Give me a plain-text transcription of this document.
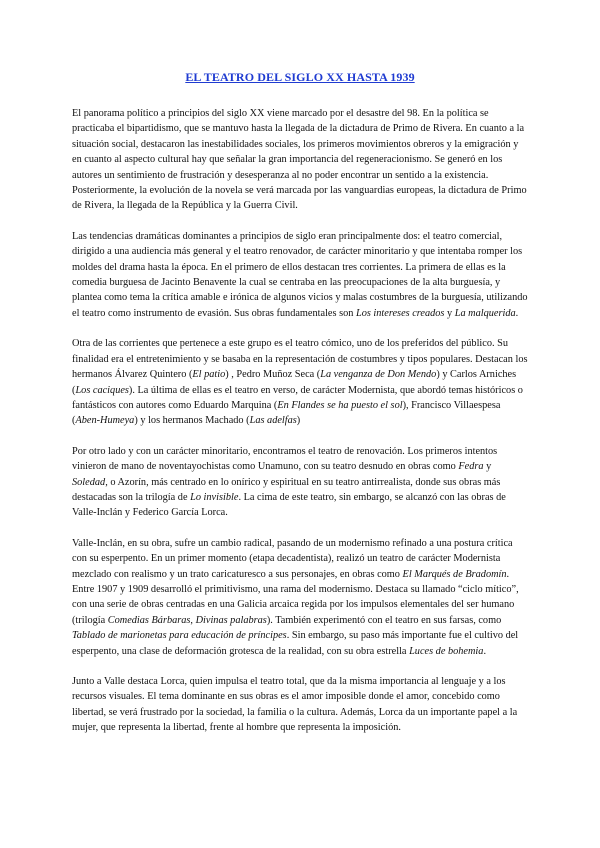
EL TEATRO DEL SIGLO XX HASTA 1939

El panorama político a principios del siglo XX viene marcado por el desastre del 98. En la política se practicaba el bipartidismo, que se mantuvo hasta la llegada de la dictadura de Primo de Rivera. En cuanto a la situación social, destacaron las inestabilidades sociales, los primeros movimientos obreros y la emigración y en cuanto al aspecto cultural hay que señalar la gran importancia del regeneracionismo. Se generó en los autores un sentimiento de frustración y desesperanza al no poder encontrar un sentido a la existencia. Posteriormente, la evolución de la novela se verá marcada por las vanguardias europeas, la dictadura de Primo de Rivera, la llegada de la República y la Guerra Civil.

Las tendencias dramáticas dominantes a principios de siglo eran principalmente dos: el teatro comercial, dirigido a una audiencia más general y el teatro renovador, de carácter minoritario y que intentaba romper los moldes del drama hasta la época. En el primero de ellos destacan tres corrientes. La primera de ellas es la comedia burguesa de Jacinto Benavente la cual se centraba en las preocupaciones de la alta burguesía, y plantea como tema la crítica amable e irónica de algunos vicios y malas costumbres de la burguesía, utilizando el teatro como instrumento de evasión. Sus obras fundamentales son Los intereses creados y La malquerida.

Otra de las corrientes que pertenece a este grupo es el teatro cómico, uno de los preferidos del público. Su finalidad era el entretenimiento y se basaba en la representación de costumbres y tipos populares. Destacan los hermanos Álvarez Quintero (El patio) , Pedro Muñoz Seca (La venganza de Don Mendo) y Carlos Arniches (Los caciques). La última de ellas es el teatro en verso, de carácter Modernista, que abordó temas históricos o fantásticos con autores como Eduardo Marquina (En Flandes se ha puesto el sol), Francisco Villaespesa (Aben-Humeya) y los hermanos Machado (Las adelfas)

Por otro lado y con un carácter minoritario, encontramos el teatro de renovación. Los primeros intentos vinieron de mano de noventayochistas como Unamuno, con su teatro desnudo en obras como Fedra y Soledad, o Azorín, más centrado en lo onírico y espiritual en su teatro antirrealista, donde sus obras más destacadas son la trilogía de Lo invisible. La cima de este teatro, sin embargo, se alcanzó con las obras de Valle-Inclán y Federico García Lorca.

Valle-Inclán, en su obra, sufre un cambio radical, pasando de un modernismo refinado a una postura crítica con su esperpento. En un primer momento (etapa decadentista), realizó un teatro de carácter Modernista mezclado con realismo y un trato caricaturesco a sus personajes, en obras como El Marqués de Bradomín. Entre 1907 y 1909 desarrolló el primitivismo, una rama del modernismo. Destaca su llamado “ciclo mítico”, con una serie de obras centradas en una Galicia arcaica regida por los impulsos elementales del ser humano (trilogía Comedias Bárbaras, Divinas palabras). También experimentó con el teatro en sus farsas, como Tablado de marionetas para educación de príncipes. Sin embargo, su paso más importante fue el cultivo del esperpento, una clase de deformación grotesca de la realidad, con su obra estrella Luces de bohemia.

Junto a Valle destaca Lorca, quien impulsa el teatro total, que da la misma importancia al lenguaje y a los recursos visuales. El tema dominante en sus obras es el amor imposible donde el amor, concebido como libertad, se verá frustrado por la sociedad, la familia o la cultura. Además, Lorca da un importante papel a la mujer, que representa la libertad, frente al hombre que representa la imposición.
